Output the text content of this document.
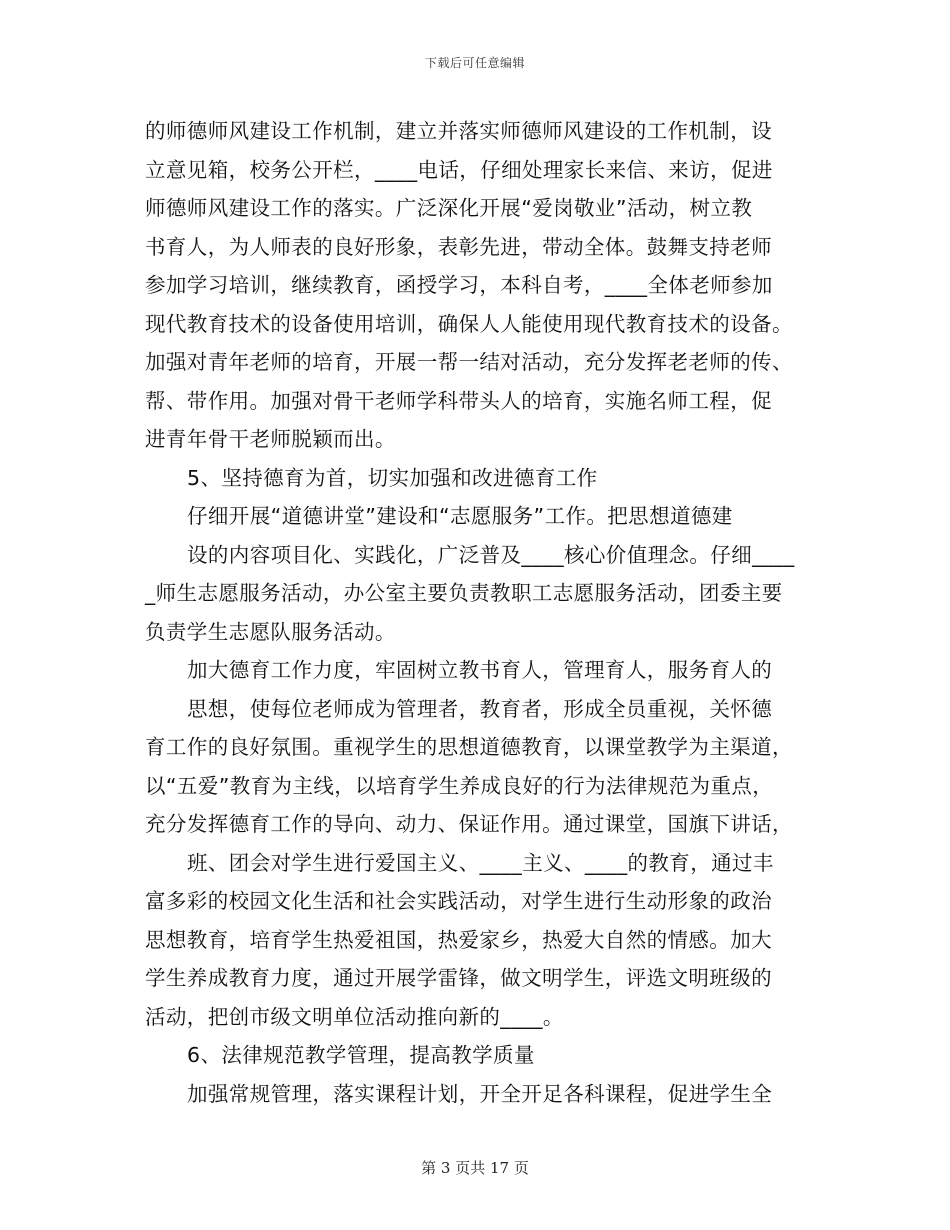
下载后可任意编辑
的师德师风建设工作机制，建立并落实师德师风建设的工作机制，设
立意见箱，校务公开栏，____电话，仔细处理家长来信、来访，促进
师德师风建设工作的落实。广泛深化开展“爱岗敬业”活动，树立教
书育人，为人师表的良好形象，表彰先进，带动全体。鼓舞支持老师
参加学习培训，继续教育，函授学习，本科自考，____全体老师参加
现代教育技术的设备使用培训，确保人人能使用现代教育技术的设备。
加强对青年老师的培育，开展一帮一结对活动，充分发挥老老师的传、
帮、带作用。加强对骨干老师学科带头人的培育，实施名师工程，促
进青年骨干老师脱颖而出。
5、坚持德育为首，切实加强和改进德育工作
仔细开展“道德讲堂”建设和“志愿服务”工作。把思想道德建
设的内容项目化、实践化，广泛普及____核心价值理念。仔细____
_师生志愿服务活动，办公室主要负责教职工志愿服务活动，团委主要
负责学生志愿队服务活动。
加大德育工作力度，牢固树立教书育人，管理育人，服务育人的
思想，使每位老师成为管理者，教育者，形成全员重视，关怀德
育工作的良好氛围。重视学生的思想道德教育，以课堂教学为主渠道，
以“五爱”教育为主线，以培育学生养成良好的行为法律规范为重点，
充分发挥德育工作的导向、动力、保证作用。通过课堂，国旗下讲话，
班、团会对学生进行爱国主义、____主义、____的教育，通过丰
富多彩的校园文化生活和社会实践活动，对学生进行生动形象的政治
思想教育，培育学生热爱祖国，热爱家乡，热爱大自然的情感。加大
学生养成教育力度，通过开展学雷锋，做文明学生，评选文明班级的
活动，把创市级文明单位活动推向新的____。
6、法律规范教学管理，提高教学质量
加强常规管理，落实课程计划，开全开足各科课程，促进学生全
第 3 页共 17 页
